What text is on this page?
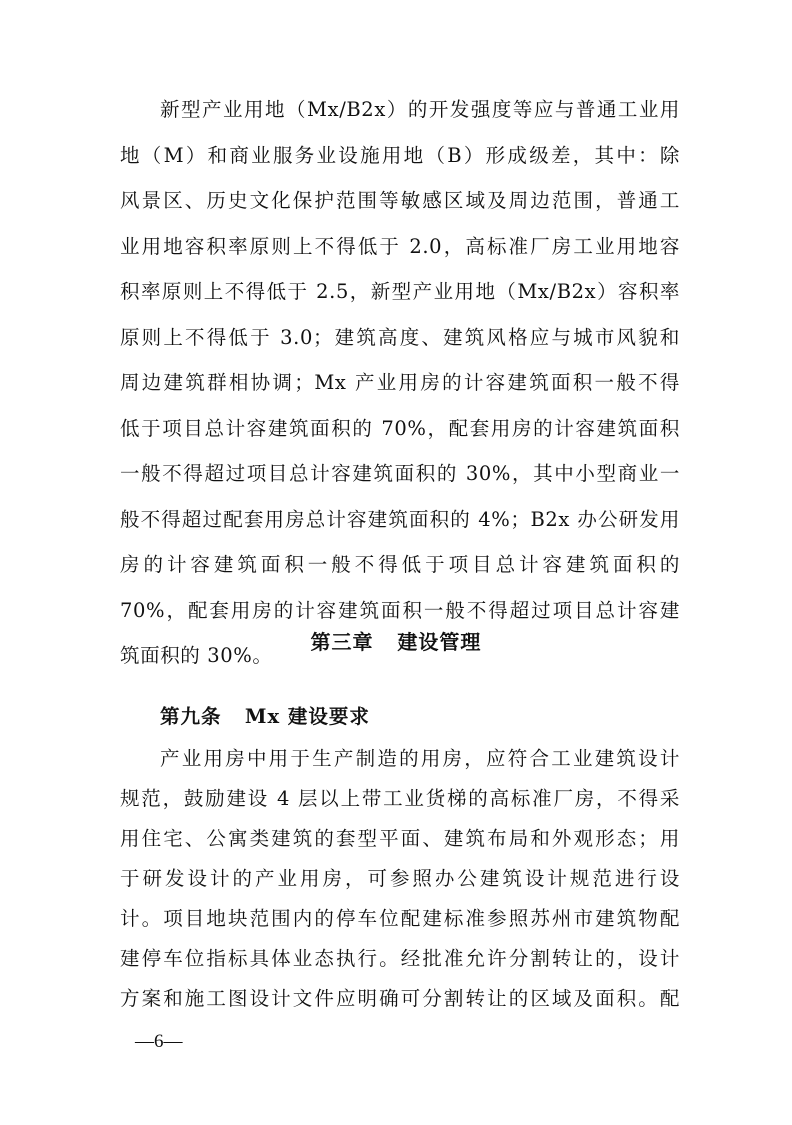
新型产业用地（Mx/B2x）的开发强度等应与普通工业用
地（M）和商业服务业设施用地（B）形成级差，其中：除
风景区、历史文化保护范围等敏感区域及周边范围，普通工
业用地容积率原则上不得低于 2.0，高标准厂房工业用地容
积率原则上不得低于 2.5，新型产业用地（Mx/B2x）容积率
原则上不得低于 3.0；建筑高度、建筑风格应与城市风貌和
周边建筑群相协调；Mx 产业用房的计容建筑面积一般不得
低于项目总计容建筑面积的 70%，配套用房的计容建筑面积
一般不得超过项目总计容建筑面积的 30%，其中小型商业一
般不得超过配套用房总计容建筑面积的 4%；B2x 办公研发用
房的计容建筑面积一般不得低于项目总计容建筑面积的
70%，配套用房的计容建筑面积一般不得超过项目总计容建
筑面积的 30%。
第三章   建设管理
第九条   Mx 建设要求
产业用房中用于生产制造的用房，应符合工业建筑设计
规范，鼓励建设 4 层以上带工业货梯的高标准厂房，不得采
用住宅、公寓类建筑的套型平面、建筑布局和外观形态；用
于研发设计的产业用房，可参照办公建筑设计规范进行设
计。项目地块范围内的停车位配建标准参照苏州市建筑物配
建停车位指标具体业态执行。经批准允许分割转让的，设计
方案和施工图设计文件应明确可分割转让的区域及面积。配
—6—
